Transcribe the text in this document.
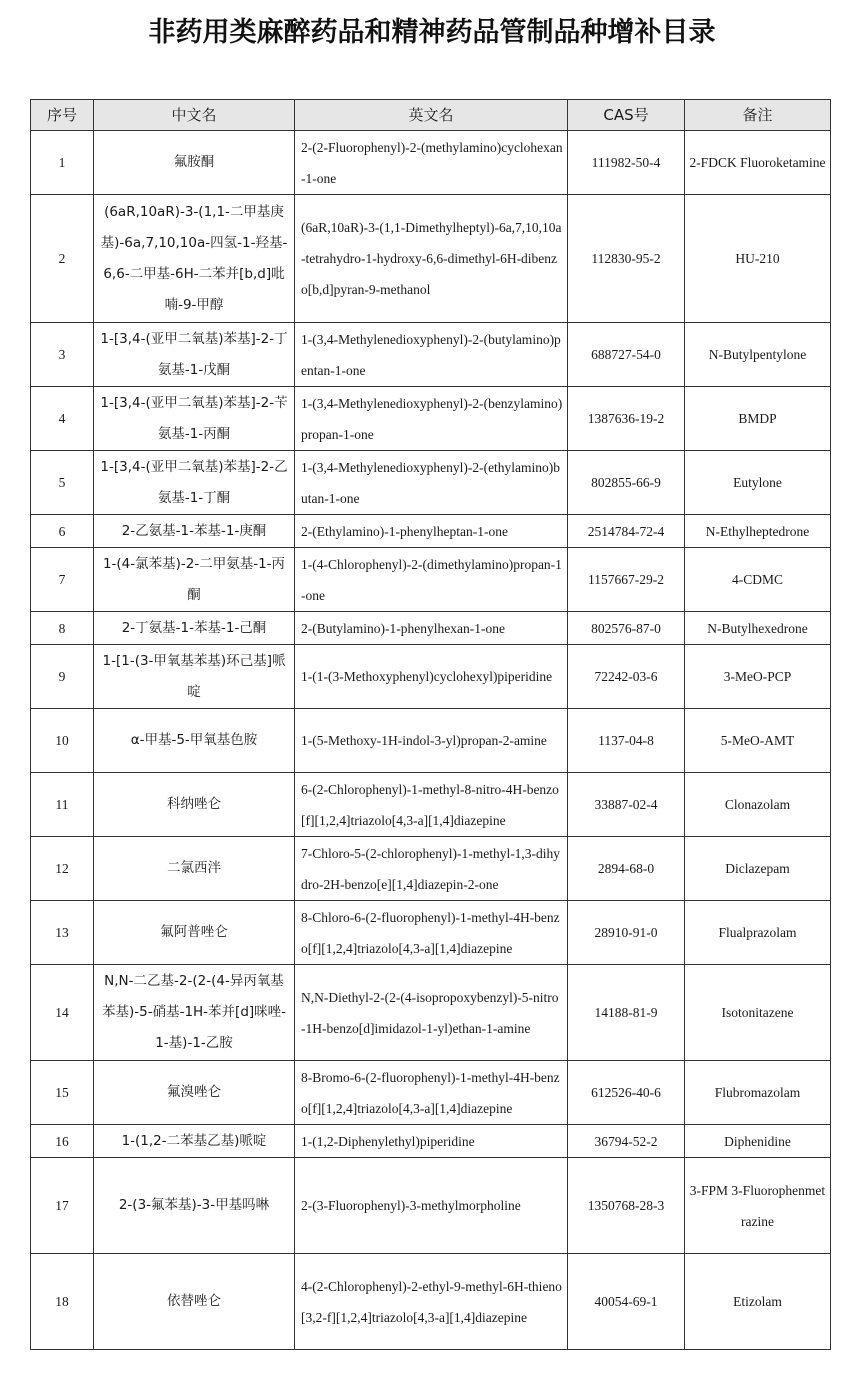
非药用类麻醉药品和精神药品管制品种增补目录
序号	中文名	英文名	CAS号	备注
1	氟胺酮	2-(2-Fluorophenyl)-2-(methylamino)cyclohexan-1-one	111982-50-4	2-FDCK Fluoroketamine
2	(6aR,10aR)-3-(1,1-二甲基庚基)-6a,7,10,10a-四氢-1-羟基-6,6-二甲基-6H-二苯并[b,d]吡喃-9-甲醇	(6aR,10aR)-3-(1,1-Dimethylheptyl)-6a,7,10,10a-tetrahydro-1-hydroxy-6,6-dimethyl-6H-dibenzo[b,d]pyran-9-methanol	112830-95-2	HU-210
3	1-[3,4-(亚甲二氧基)苯基]-2-丁氨基-1-戊酮	1-(3,4-Methylenedioxyphenyl)-2-(butylamino)pentan-1-one	688727-54-0	N-Butylpentylone
4	1-[3,4-(亚甲二氧基)苯基]-2-苄氨基-1-丙酮	1-(3,4-Methylenedioxyphenyl)-2-(benzylamino)propan-1-one	1387636-19-2	BMDP
5	1-[3,4-(亚甲二氧基)苯基]-2-乙氨基-1-丁酮	1-(3,4-Methylenedioxyphenyl)-2-(ethylamino)butan-1-one	802855-66-9	Eutylone
6	2-乙氨基-1-苯基-1-庚酮	2-(Ethylamino)-1-phenylheptan-1-one	2514784-72-4	N-Ethylheptedrone
7	1-(4-氯苯基)-2-二甲氨基-1-丙酮	1-(4-Chlorophenyl)-2-(dimethylamino)propan-1-one	1157667-29-2	4-CDMC
8	2-丁氨基-1-苯基-1-己酮	2-(Butylamino)-1-phenylhexan-1-one	802576-87-0	N-Butylhexedrone
9	1-[1-(3-甲氧基苯基)环己基]哌啶	1-(1-(3-Methoxyphenyl)cyclohexyl)piperidine	72242-03-6	3-MeO-PCP
10	α-甲基-5-甲氧基色胺	1-(5-Methoxy-1H-indol-3-yl)propan-2-amine	1137-04-8	5-MeO-AMT
11	科纳唑仑	6-(2-Chlorophenyl)-1-methyl-8-nitro-4H-benzo[f][1,2,4]triazolo[4,3-a][1,4]diazepine	33887-02-4	Clonazolam
12	二氯西泮	7-Chloro-5-(2-chlorophenyl)-1-methyl-1,3-dihydro-2H-benzo[e][1,4]diazepin-2-one	2894-68-0	Diclazepam
13	氟阿普唑仑	8-Chloro-6-(2-fluorophenyl)-1-methyl-4H-benzo[f][1,2,4]triazolo[4,3-a][1,4]diazepine	28910-91-0	Flualprazolam
14	N,N-二乙基-2-(2-(4-异丙氧基苯基)-5-硝基-1H-苯并[d]咪唑-1-基)-1-乙胺	N,N-Diethyl-2-(2-(4-isopropoxybenzyl)-5-nitro-1H-benzo[d]imidazol-1-yl)ethan-1-amine	14188-81-9	Isotonitazene
15	氟溴唑仑	8-Bromo-6-(2-fluorophenyl)-1-methyl-4H-benzo[f][1,2,4]triazolo[4,3-a][1,4]diazepine	612526-40-6	Flubromazolam
16	1-(1,2-二苯基乙基)哌啶	1-(1,2-Diphenylethyl)piperidine	36794-52-2	Diphenidine
17	2-(3-氟苯基)-3-甲基吗啉	2-(3-Fluorophenyl)-3-methylmorpholine	1350768-28-3	3-FPM 3-Fluorophenmetrazine
18	依替唑仑	4-(2-Chlorophenyl)-2-ethyl-9-methyl-6H-thieno[3,2-f][1,2,4]triazolo[4,3-a][1,4]diazepine	40054-69-1	Etizolam
